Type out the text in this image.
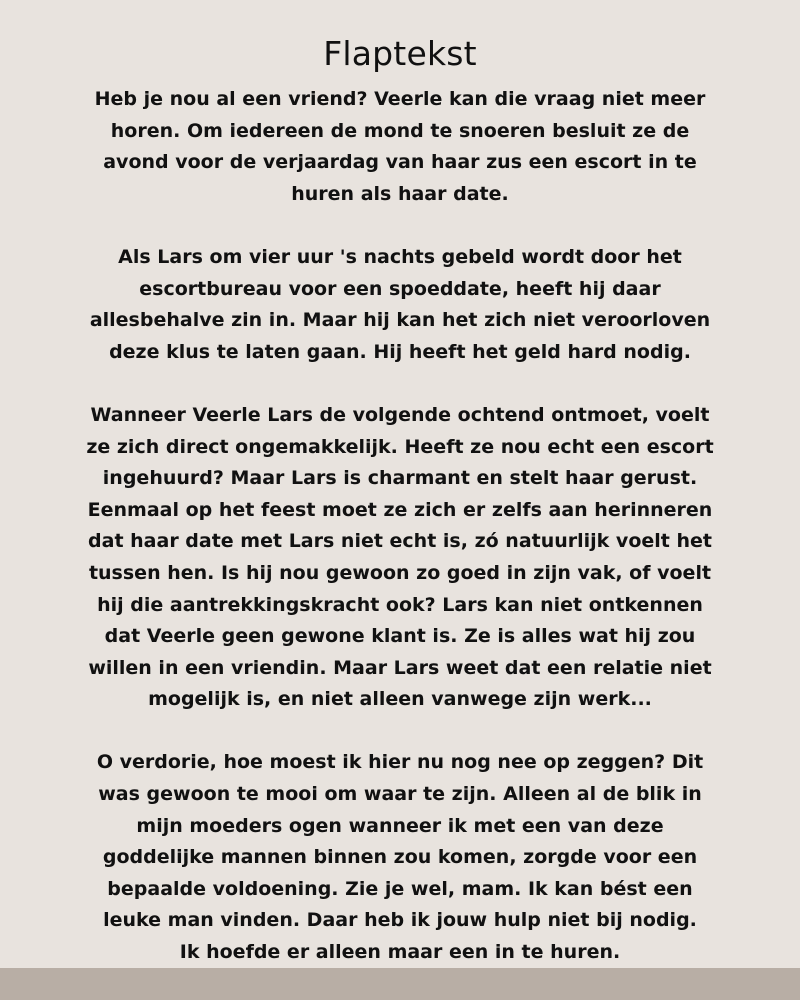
Flaptekst

Heb je nou al een vriend? Veerle kan die vraag niet meer
horen. Om iedereen de mond te snoeren besluit ze de
avond voor de verjaardag van haar zus een escort in te
huren als haar date.

Als Lars om vier uur 's nachts gebeld wordt door het
escortbureau voor een spoeddate, heeft hij daar
allesbehalve zin in. Maar hij kan het zich niet veroorloven
deze klus te laten gaan. Hij heeft het geld hard nodig.

Wanneer Veerle Lars de volgende ochtend ontmoet, voelt
ze zich direct ongemakkelijk. Heeft ze nou echt een escort
ingehuurd? Maar Lars is charmant en stelt haar gerust.
Eenmaal op het feest moet ze zich er zelfs aan herinneren
dat haar date met Lars niet echt is, zó natuurlijk voelt het
tussen hen. Is hij nou gewoon zo goed in zijn vak, of voelt
hij die aantrekkingskracht ook? Lars kan niet ontkennen
dat Veerle geen gewone klant is. Ze is alles wat hij zou
willen in een vriendin. Maar Lars weet dat een relatie niet
mogelijk is, en niet alleen vanwege zijn werk...

O verdorie, hoe moest ik hier nu nog nee op zeggen? Dit
was gewoon te mooi om waar te zijn. Alleen al de blik in
mijn moeders ogen wanneer ik met een van deze
goddelijke mannen binnen zou komen, zorgde voor een
bepaalde voldoening. Zie je wel, mam. Ik kan bést een
leuke man vinden. Daar heb ik jouw hulp niet bij nodig.
Ik hoefde er alleen maar een in te huren.
